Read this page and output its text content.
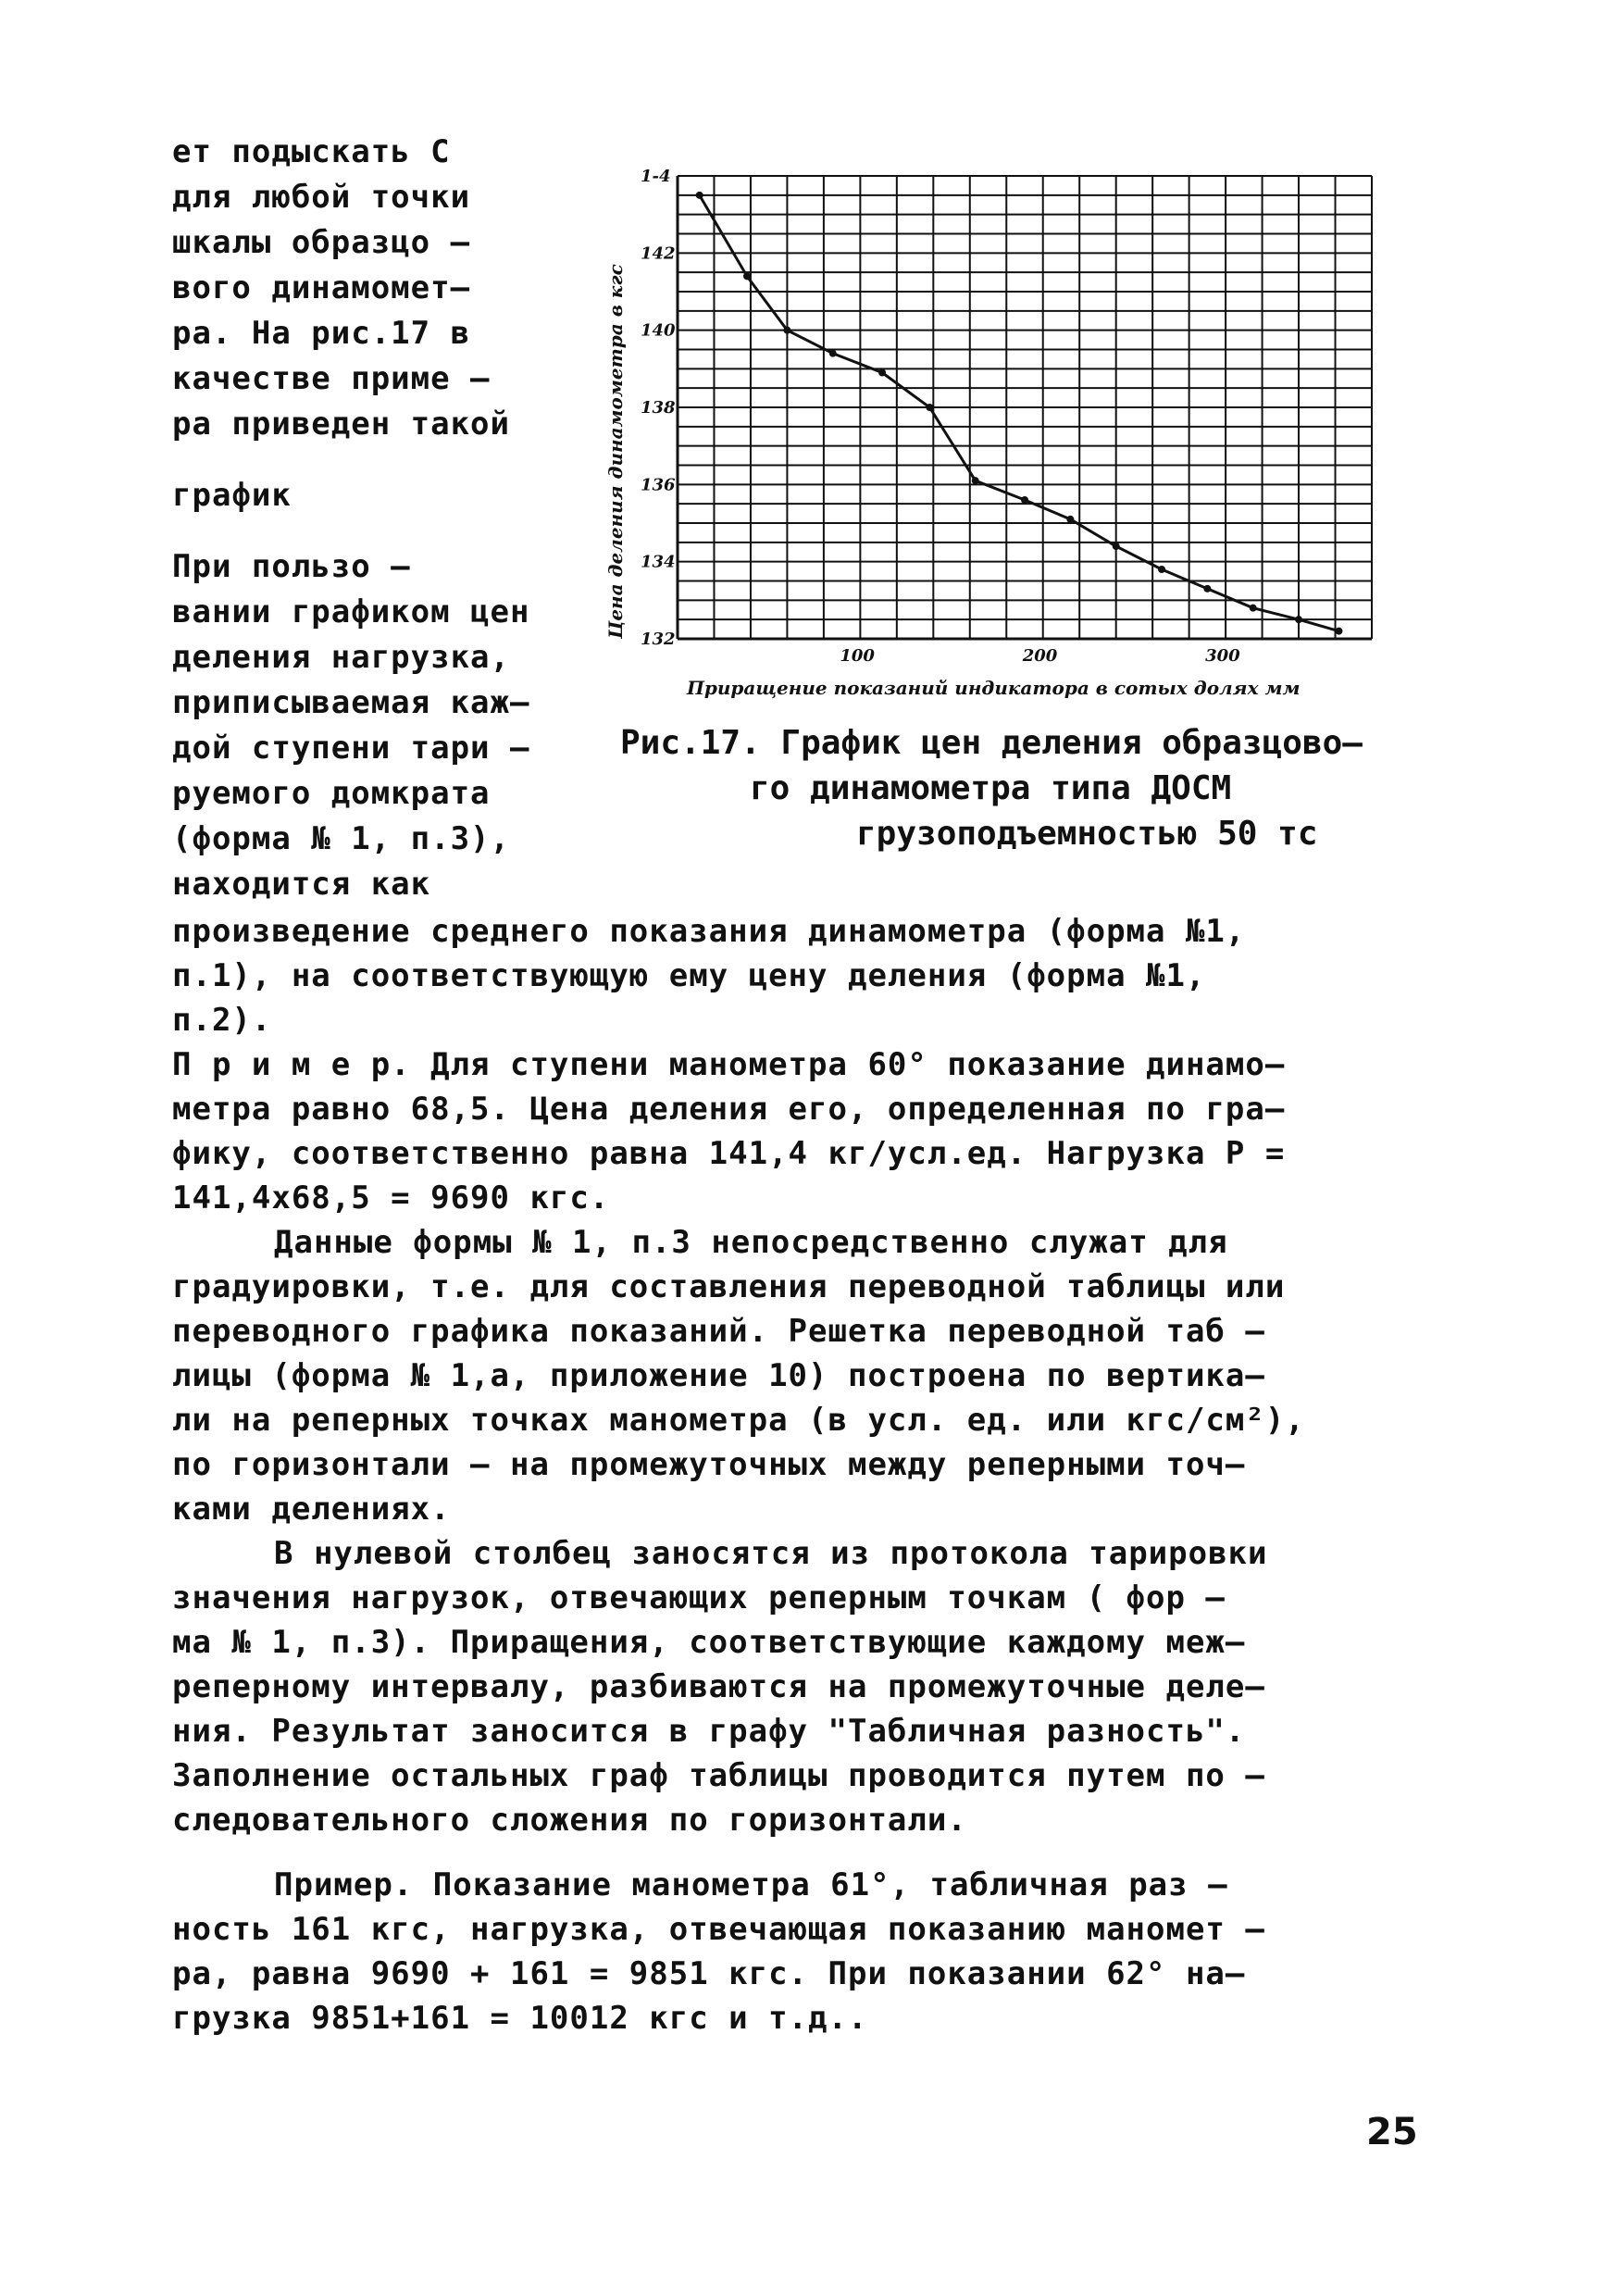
ет подыскать С
для любой точки
шкалы образцо –
вого динамомет–
ра. На рис.17 в
качестве приме –
ра приведен такой
график
При пользо –
вании графиком цен
деления нагрузка,
приписываемая каж–
дой ступени тари –
руемого домкрата
(форма № 1, п.3),
находится как
100	200	300
132
134
136
138
140
142
1-4
Приращение показаний индикатора в сотых долях мм
Цена деления динамометра в кгс
Рис.17. График цен деления образцово–
го динамометра типа ДОСМ
грузоподъемностью 50 тс
произведение среднего показания динамометра (форма №1,
п.1), на соответствующую ему цену деления (форма №1,
п.2).
П р и м е р. Для ступени манометра 60° показание динамо–
метра равно 68,5. Цена деления его, определенная по гра–
фику, соответственно равна 141,4 кг/усл.ед. Нагрузка Р =
141,4х68,5 = 9690 кгс.
Данные формы № 1, п.3 непосредственно служат для
градуировки, т.е. для составления переводной таблицы или
переводного графика показаний. Решетка переводной таб –
лицы (форма № 1,а, приложение 10) построена по вертика–
ли на реперных точках манометра (в усл. ед. или кгс/см²),
по горизонтали – на промежуточных между реперными точ–
ками делениях.
В нулевой столбец заносятся из протокола тарировки
значения нагрузок, отвечающих реперным точкам ( фор –
ма № 1, п.3). Приращения, соответствующие каждому меж–
реперному интервалу, разбиваются на промежуточные деле–
ния. Результат заносится в графу "Табличная разность".
Заполнение остальных граф таблицы проводится путем по –
следовательного сложения по горизонтали.
Пример. Показание манометра 61°, табличная раз –
ность 161 кгс, нагрузка, отвечающая показанию маномет –
ра, равна 9690 + 161 = 9851 кгс. При показании 62° на–
грузка 9851+161 = 10012 кгс и т.д..
25
